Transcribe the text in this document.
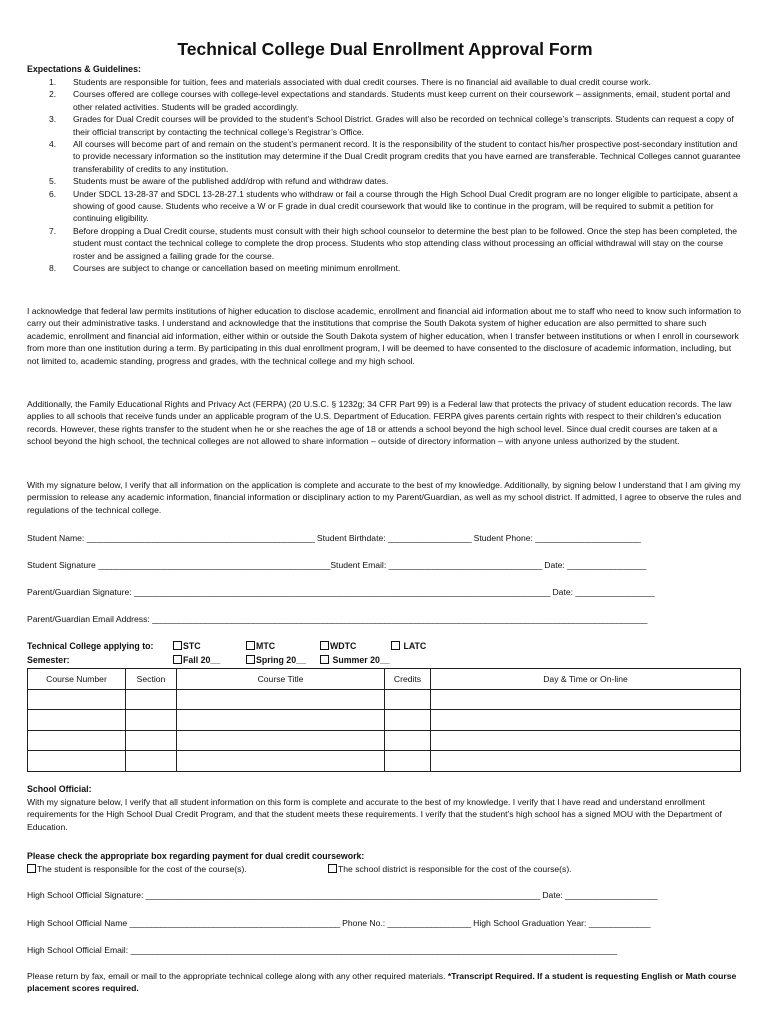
Technical College Dual Enrollment Approval Form
Expectations & Guidelines:
1. Students are responsible for tuition, fees and materials associated with dual credit courses. There is no financial aid available to dual credit course work.
2. Courses offered are college courses with college-level expectations and standards. Students must keep current on their coursework – assignments, email, student portal and other related activities. Students will be graded accordingly.
3. Grades for Dual Credit courses will be provided to the student’s School District. Grades will also be recorded on technical college’s transcripts. Students can request a copy of their official transcript by contacting the technical college’s Registrar’s Office.
4. All courses will become part of and remain on the student’s permanent record. It is the responsibility of the student to contact his/her prospective post-secondary institution and to provide necessary information so the institution may determine if the Dual Credit program credits that you have earned are transferable. Technical Colleges cannot guarantee transferability of credits to any institution.
5. Students must be aware of the published add/drop with refund and withdraw dates.
6. Under SDCL 13-28-37 and SDCL 13-28-27.1 students who withdraw or fail a course through the High School Dual Credit program are no longer eligible to participate, absent a showing of good cause. Students who receive a W or F grade in dual credit coursework that would like to continue in the program, will be required to submit a petition for continuing eligibility.
7. Before dropping a Dual Credit course, students must consult with their high school counselor to determine the best plan to be followed. Once the step has been completed, the student must contact the technical college to complete the drop process. Students who stop attending class without processing an official withdrawal will stay on the course roster and be assigned a failing grade for the course.
8. Courses are subject to change or cancellation based on meeting minimum enrollment.

I acknowledge that federal law permits institutions of higher education to disclose academic, enrollment and financial aid information about me to staff who need to know such information to carry out their administrative tasks. I understand and acknowledge that the institutions that comprise the South Dakota system of higher education are also permitted to share such academic, enrollment and financial aid information, either within or outside the South Dakota system of higher education, when I transfer between institutions or when I enroll in coursework from more than one institution during a term. By participating in this dual enrollment program, I will be deemed to have consented to the disclosure of academic information, including, but not limited to, academic standing, progress and grades, with the technical college and my high school.

Additionally, the Family Educational Rights and Privacy Act (FERPA) (20 U.S.C. § 1232g; 34 CFR Part 99) is a Federal law that protects the privacy of student education records. The law applies to all schools that receive funds under an applicable program of the U.S. Department of Education. FERPA gives parents certain rights with respect to their children's education records. However, these rights transfer to the student when he or she reaches the age of 18 or attends a school beyond the high school level. Since dual credit courses are taken at a school beyond the high school, the technical colleges are not allowed to share information – outside of directory information – with anyone unless authorized by the student.

With my signature below, I verify that all information on the application is complete and accurate to the best of my knowledge. Additionally, by signing below I understand that I am giving my permission to release any academic information, financial information or disciplinary action to my Parent/Guardian, as well as my school district. If admitted, I agree to observe the rules and regulations of the technical college.

Student Name: ____________________________________________________ Student Birthdate: ___________________ Student Phone: ________________________
Student Signature _____________________________________________________Student Email: ___________________________________ Date: __________________
Parent/Guardian Signature: _______________________________________________________________________________________________ Date: __________________
Parent/Guardian Email Address: _________________________________________________________________________________________________________________
Technical College applying to:	STC	MTC	WDTC	LATC
Semester:	Fall 20__	Spring 20__	Summer 20__
Course Number	Section	Course Title	Credits	Day & Time or On-line

School Official:

With my signature below, I verify that all student information on this form is complete and accurate to the best of my knowledge. I verify that I have read and understand enrollment requirements for the High School Dual Credit Program, and that the student meets these requirements. I verify that the student’s high school has a signed MOU with the Department of Education.

Please check the appropriate box regarding payment for dual credit coursework:
The student is responsible for the cost of the course(s).	The school district is responsible for the cost of the course(s).
High School Official Signature: __________________________________________________________________________________________ Date: _____________________
High School Official Name ________________________________________________ Phone No.: ___________________ High School Graduation Year: ______________
High School Official Email: _______________________________________________________________________________________________________________

Please return by fax, email or mail to the appropriate technical college along with any other required materials. *Transcript Required. If a student is requesting English or Math course placement scores required.
